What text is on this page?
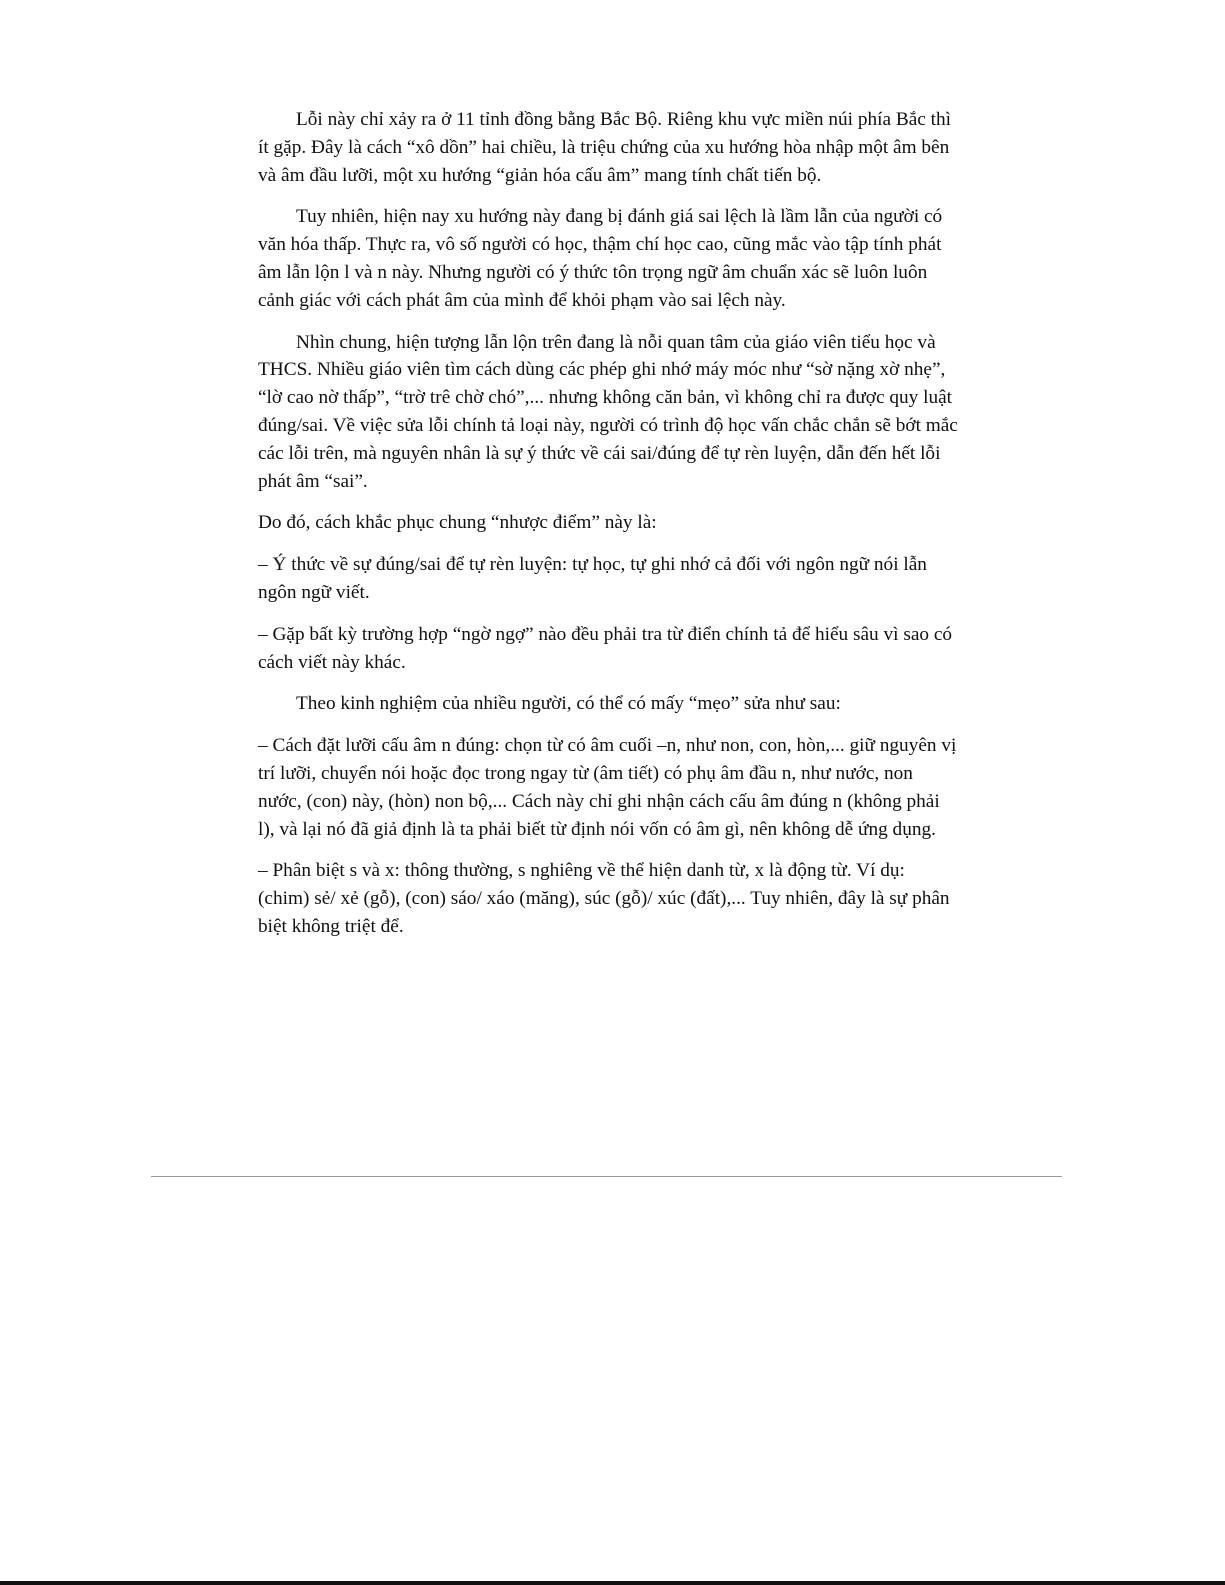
Lỗi này chỉ xảy ra ở 11 tỉnh đồng bằng Bắc Bộ. Riêng khu vực miền núi phía Bắc thì ít gặp. Đây là cách “xô dồn” hai chiều, là triệu chứng của xu hướng hòa nhập một âm bên và âm đầu lưỡi, một xu hướng “giản hóa cấu âm” mang tính chất tiến bộ.

Tuy nhiên, hiện nay xu hướng này đang bị đánh giá sai lệch là lầm lẫn của người có văn hóa thấp. Thực ra, vô số người có học, thậm chí học cao, cũng mắc vào tập tính phát âm lẫn lộn l và n này. Nhưng người có ý thức tôn trọng ngữ âm chuẩn xác sẽ luôn luôn cảnh giác với cách phát âm của mình để khỏi phạm vào sai lệch này.

Nhìn chung, hiện tượng lẫn lộn trên đang là nỗi quan tâm của giáo viên tiểu học và THCS. Nhiều giáo viên tìm cách dùng các phép ghi nhớ máy móc như “sờ nặng xờ nhẹ”, “lờ cao nờ thấp”, “trờ trê chờ chó”,... nhưng không căn bản, vì không chỉ ra được quy luật đúng/sai. Về việc sửa lỗi chính tả loại này, người có trình độ học vấn chắc chắn sẽ bớt mắc các lỗi trên, mà nguyên nhân là sự ý thức về cái sai/đúng để tự rèn luyện, dẫn đến hết lỗi phát âm “sai”.

Do đó, cách khắc phục chung “nhược điểm” này là:

– Ý thức về sự đúng/sai để tự rèn luyện: tự học, tự ghi nhớ cả đối với ngôn ngữ nói lẫn ngôn ngữ viết.

– Gặp bất kỳ trường hợp “ngờ ngợ” nào đều phải tra từ điển chính tả để hiểu sâu vì sao có cách viết này khác.

Theo kinh nghiệm của nhiều người, có thể có mấy “mẹo” sửa như sau:

– Cách đặt lưỡi cấu âm n đúng: chọn từ có âm cuối –n, như non, con, hòn,... giữ nguyên vị trí lưỡi, chuyển nói hoặc đọc trong ngay từ (âm tiết) có phụ âm đầu n, như nước, non nước, (con) này, (hòn) non bộ,... Cách này chỉ ghi nhận cách cấu âm đúng n (không phải l), và lại nó đã giả định là ta phải biết từ định nói vốn có âm gì, nên không dễ ứng dụng.

– Phân biệt s và x: thông thường, s nghiêng về thể hiện danh từ, x là động từ. Ví dụ: (chim) sẻ/ xẻ (gỗ), (con) sáo/ xáo (măng), súc (gỗ)/ xúc (đất),... Tuy nhiên, đây là sự phân biệt không triệt để.
